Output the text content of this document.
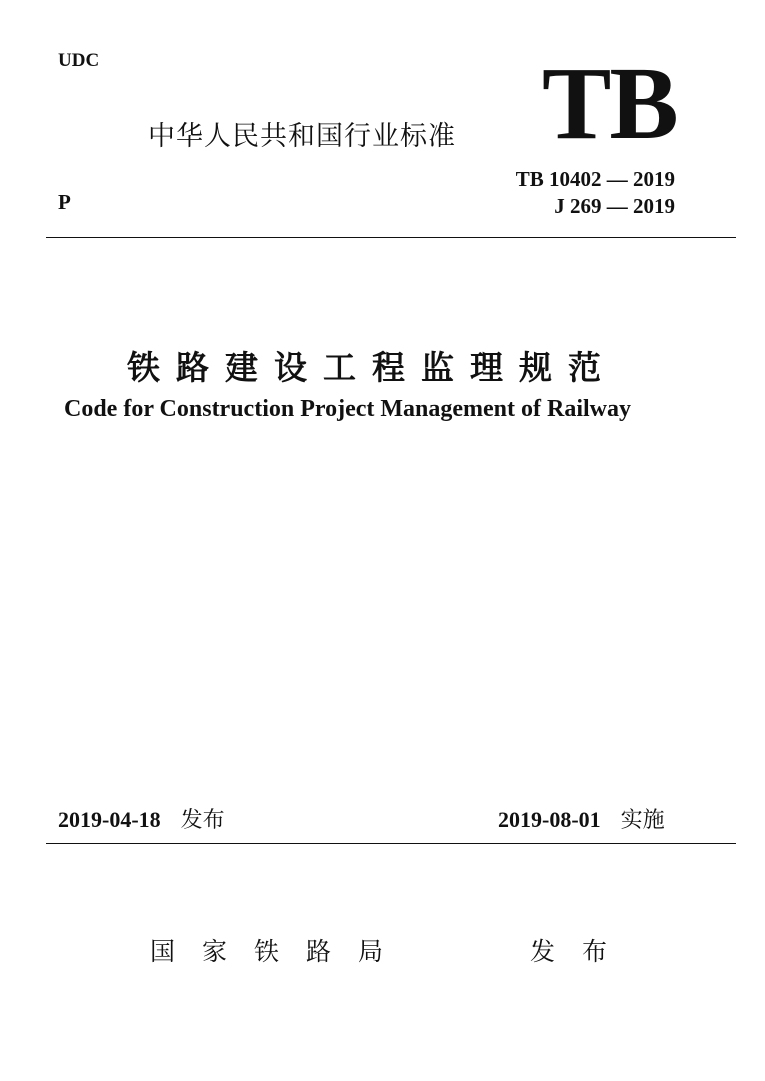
UDC
中华人民共和国行业标准 TB
P
TB 10402 — 2019
J 269 — 2019
铁路建设工程监理规范
Code for Construction Project Management of Railway
2019-04-18 发布	2019-08-01 实施
国家铁路局	发布
